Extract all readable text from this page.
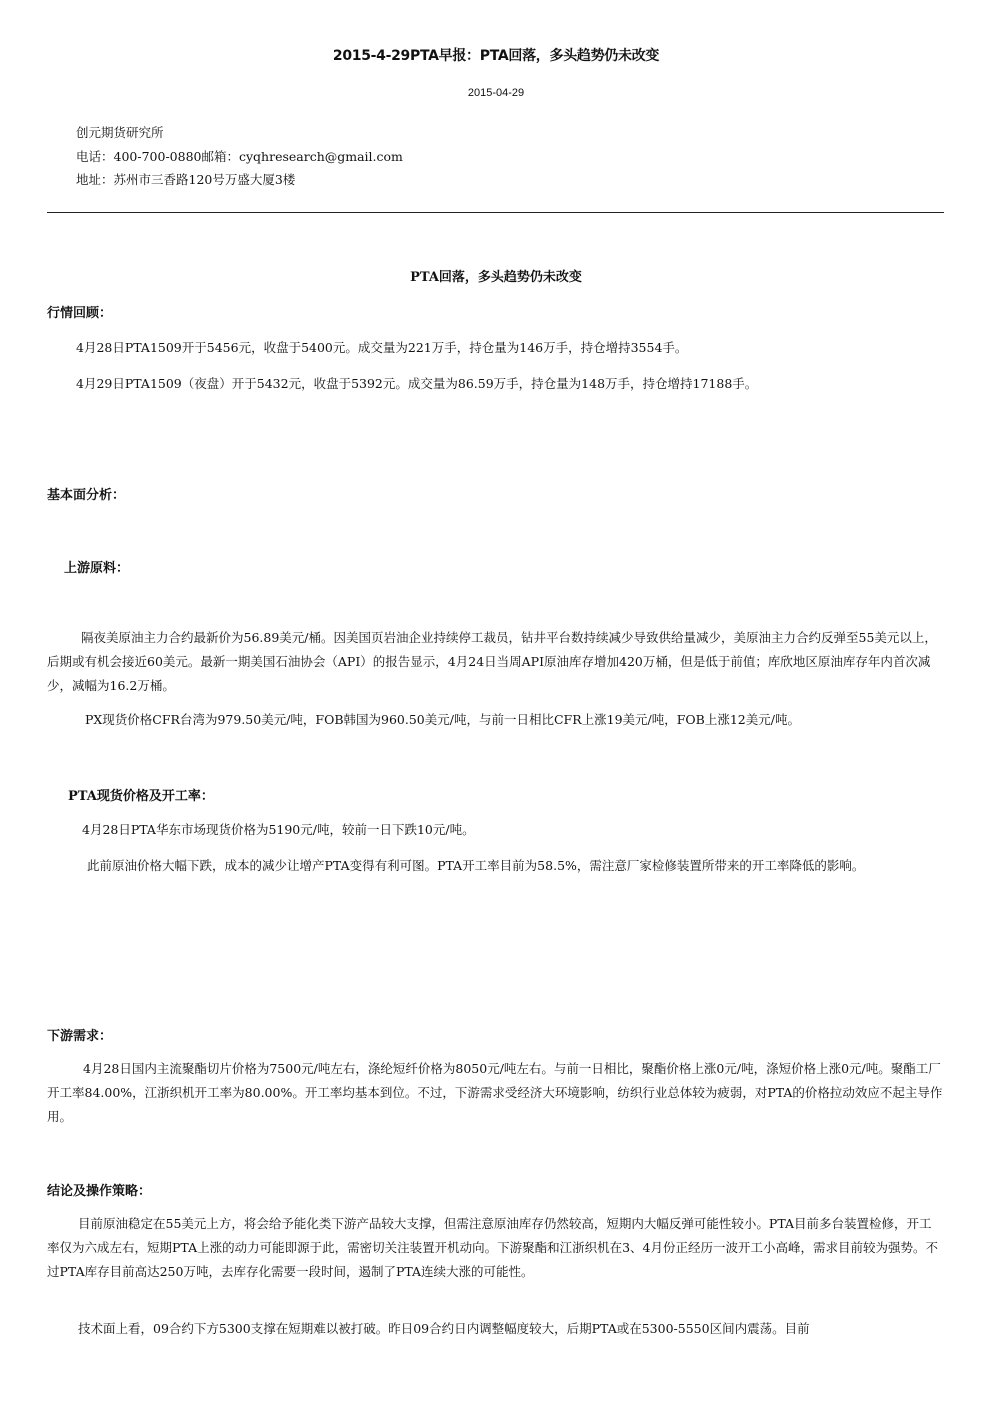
2015-4-29PTA早报：PTA回落，多头趋势仍未改变
2015-04-29
创元期货研究所
电话：400-700-0880邮箱：cyqhresearch@gmail.com
地址：苏州市三香路120号万盛大厦3楼
PTA回落，多头趋势仍未改变
行情回顾：
4月28日PTA1509开于5456元，收盘于5400元。成交量为221万手，持仓量为146万手，持仓增持3554手。
4月29日PTA1509（夜盘）开于5432元，收盘于5392元。成交量为86.59万手，持仓量为148万手，持仓增持17188手。
基本面分析：
上游原料：
隔夜美原油主力合约最新价为56.89美元/桶。因美国页岩油企业持续停工裁员，钻井平台数持续减少导致供给量减少，美原油主力合约反弹至55美元以上，后期或有机会接近60美元。最新一期美国石油协会（API）的报告显示，4月24日当周API原油库存增加420万桶，但是低于前值；库欣地区原油库存年内首次减少，减幅为16.2万桶。
PX现货价格CFR台湾为979.50美元/吨，FOB韩国为960.50美元/吨，与前一日相比CFR上涨19美元/吨，FOB上涨12美元/吨。
PTA现货价格及开工率：
4月28日PTA华东市场现货价格为5190元/吨，较前一日下跌10元/吨。
此前原油价格大幅下跌，成本的减少让增产PTA变得有利可图。PTA开工率目前为58.5%，需注意厂家检修装置所带来的开工率降低的影响。
下游需求：
4月28日国内主流聚酯切片价格为7500元/吨左右，涤纶短纤价格为8050元/吨左右。与前一日相比，聚酯价格上涨0元/吨，涤短价格上涨0元/吨。聚酯工厂开工率84.00%，江浙织机开工率为80.00%。开工率均基本到位。不过，下游需求受经济大环境影响，纺织行业总体较为疲弱，对PTA的价格拉动效应不起主导作用。
结论及操作策略：
目前原油稳定在55美元上方，将会给予能化类下游产品较大支撑，但需注意原油库存仍然较高，短期内大幅反弹可能性较小。PTA目前多台装置检修，开工率仅为六成左右，短期PTA上涨的动力可能即源于此，需密切关注装置开机动向。下游聚酯和江浙织机在3、4月份正经历一波开工小高峰，需求目前较为强势。不过PTA库存目前高达250万吨，去库存化需要一段时间，遏制了PTA连续大涨的可能性。
技术面上看，09合约下方5300支撑在短期难以被打破。昨日09合约日内调整幅度较大，后期PTA或在5300-5550区间内震荡。目前
